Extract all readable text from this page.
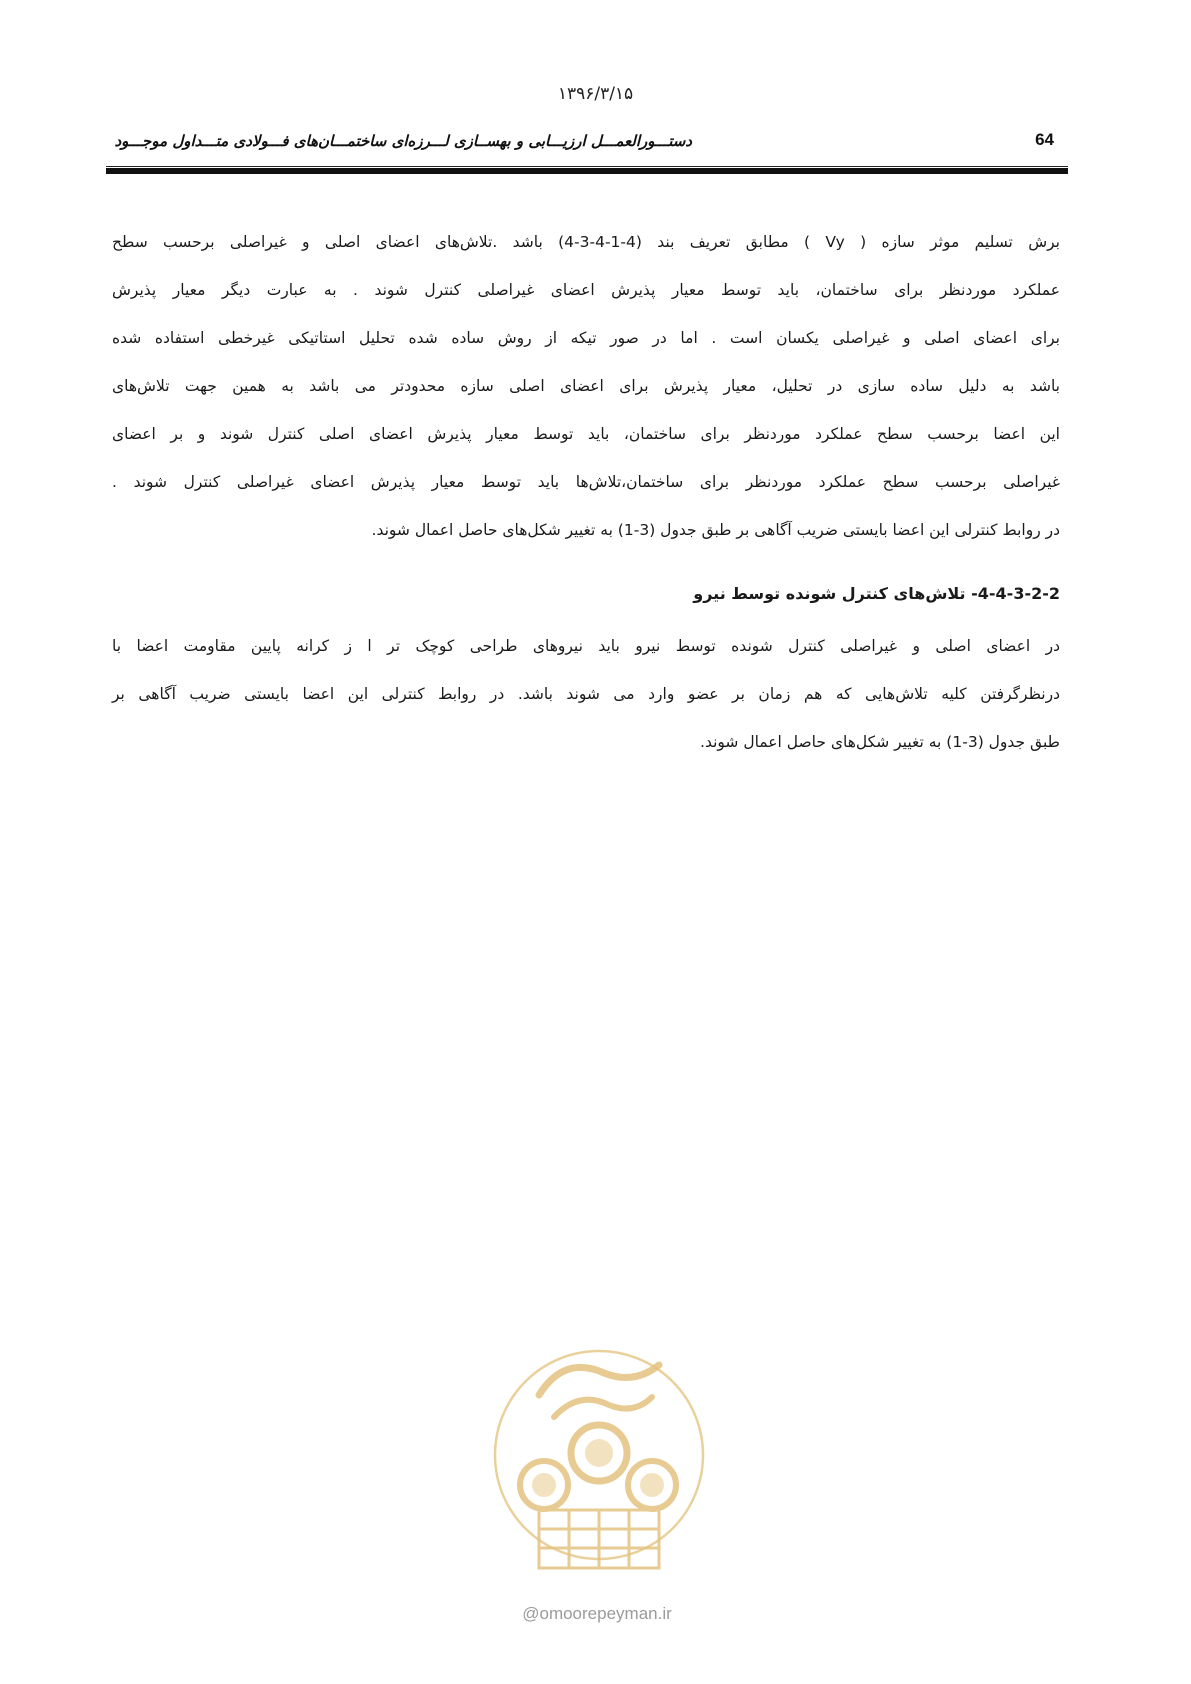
۱۳۹۶/۳/۱۵
دستـــورالعمـــل ارزیـــابی و بهســازی لـــرزه‌ای ساختمـــان‌های فـــولادی متـــداول موجـــود	64

برش تسلیم موثر سازه ( Vy ) مطابق تعریف بند (4-1-4-3-4) باشد .تلاش‌های اعضای اصلی و غیراصلی برحسب سطح
عملکرد موردنظر برای ساختمان، باید توسط معیار پذیرش اعضای غیراصلی کنترل شوند . به عبارت دیگر معیار پذیرش
برای اعضای اصلی و غیراصلی یکسان است . اما در صور تیکه از روش ساده شده تحلیل استاتیکی غیرخطی استفاده شده
باشد به دلیل ساده سازی در تحلیل، معیار پذیرش برای اعضای اصلی سازه محدودتر می باشد به همین جهت تلاش‌های
این اعضا برحسب سطح عملکرد موردنظر برای ساختمان، باید توسط معیار پذیرش اعضای اصلی کنترل شوند و بر اعضای
غیراصلی برحسب سطح عملکرد موردنظر برای ساختمان،تلاش‌ها باید توسط معیار پذیرش اعضای غیراصلی کنترل شوند .
در روابط کنترلی این اعضا بایستی ضریب آگاهی بر طبق جدول (3-1) به تغییر شکل‌های حاصل اعمال شوند.

4-4-3-2-2- تلاش‌های کنترل شونده توسط نیرو

در اعضای اصلی و غیراصلی کنترل شونده توسط نیرو باید نیروهای طراحی کوچک تر ا ز کرانه پایین مقاومت اعضا با
درنظرگرفتن کلیه تلاش‌هایی که هم زمان بر عضو وارد می شوند باشد. در روابط کنترلی این اعضا بایستی ضریب آگاهی بر
طبق جدول (3-1) به تغییر شکل‌های حاصل اعمال شوند.

@omoorepeyman.ir
